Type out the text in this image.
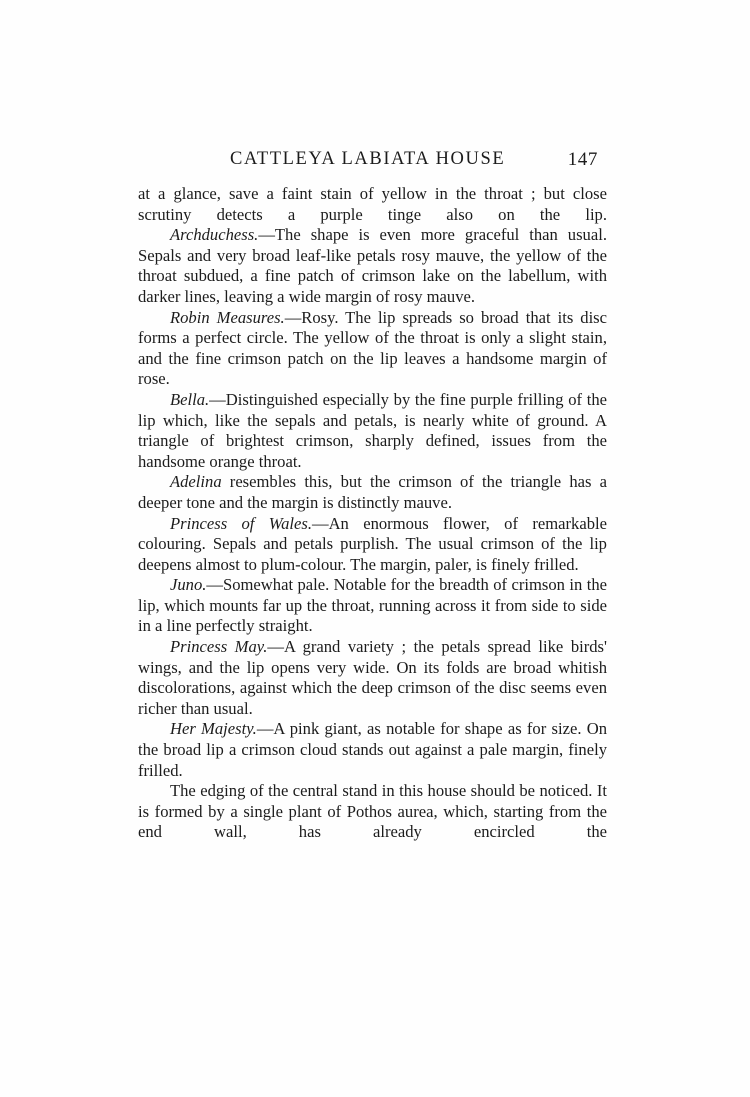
CATTLEYA LABIATA HOUSE	147

at a glance, save a faint stain of yellow in the throat ; but close scrutiny detects a purple tinge also on the lip.

Archduchess.—The shape is even more graceful than usual. Sepals and very broad leaf-like petals rosy mauve, the yellow of the throat subdued, a fine patch of crimson lake on the labellum, with darker lines, leaving a wide margin of rosy mauve.

Robin Measures.—Rosy. The lip spreads so broad that its disc forms a perfect circle. The yellow of the throat is only a slight stain, and the fine crimson patch on the lip leaves a handsome margin of rose.

Bella.—Distinguished especially by the fine purple frilling of the lip which, like the sepals and petals, is nearly white of ground. A triangle of brightest crimson, sharply defined, issues from the handsome orange throat.

Adelina resembles this, but the crimson of the triangle has a deeper tone and the margin is distinctly mauve.

Princess of Wales.—An enormous flower, of remarkable colouring. Sepals and petals purplish. The usual crimson of the lip deepens almost to plum-colour. The margin, paler, is finely frilled.

Juno.—Somewhat pale. Notable for the breadth of crimson in the lip, which mounts far up the throat, running across it from side to side in a line perfectly straight.

Princess May.—A grand variety ; the petals spread like birds' wings, and the lip opens very wide. On its folds are broad whitish discolorations, against which the deep crimson of the disc seems even richer than usual.

Her Majesty.—A pink giant, as notable for shape as for size. On the broad lip a crimson cloud stands out against a pale margin, finely frilled.

The edging of the central stand in this house should be noticed. It is formed by a single plant of Pothos aurea, which, starting from the end wall, has already encircled the
